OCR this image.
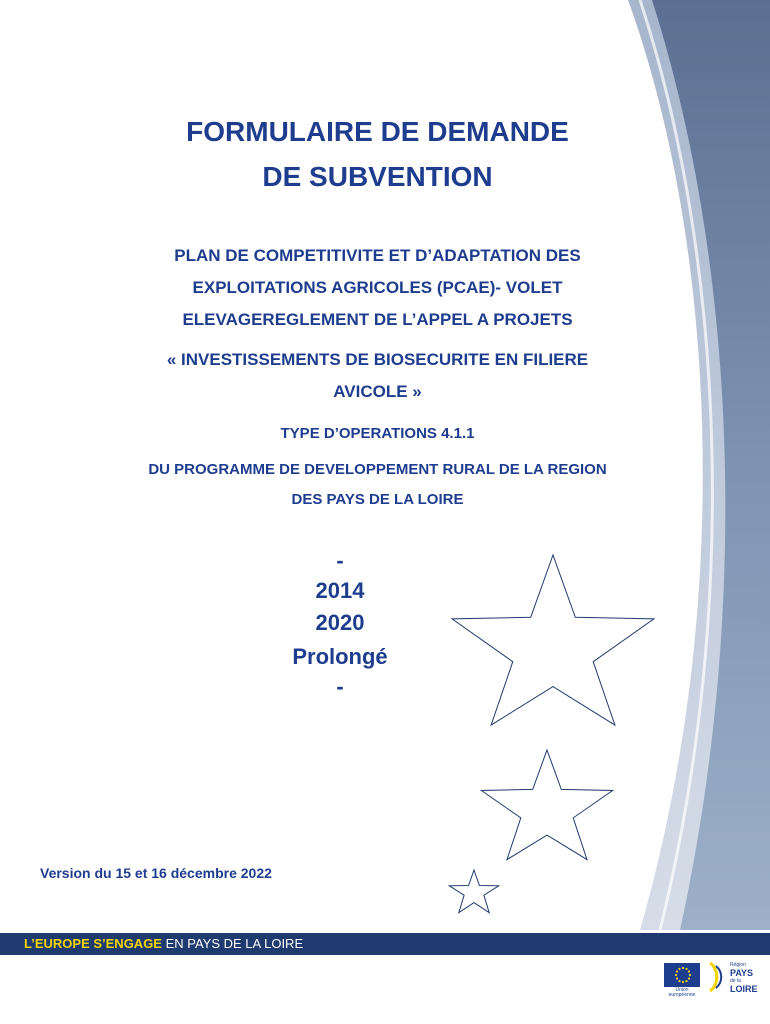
FORMULAIRE DE DEMANDE
DE SUBVENTION
PLAN DE COMPETITIVITE ET D’ADAPTATION DES
EXPLOITATIONS AGRICOLES (PCAE)- VOLET
ELEVAGEREGLEMENT DE L’APPEL A PROJETS
« INVESTISSEMENTS DE BIOSECURITE EN FILIERE
AVICOLE »
TYPE D’OPERATIONS 4.1.1
DU PROGRAMME DE DEVELOPPEMENT RURAL DE LA REGION
DES PAYS DE LA LOIRE
-
2014
2020
Prolongé
-
Version du 15 et 16 décembre 2022
L’EUROPE S’ENGAGE EN PAYS DE LA LOIRE
Union européenne
Région
PAYS
de la
LOIRE
